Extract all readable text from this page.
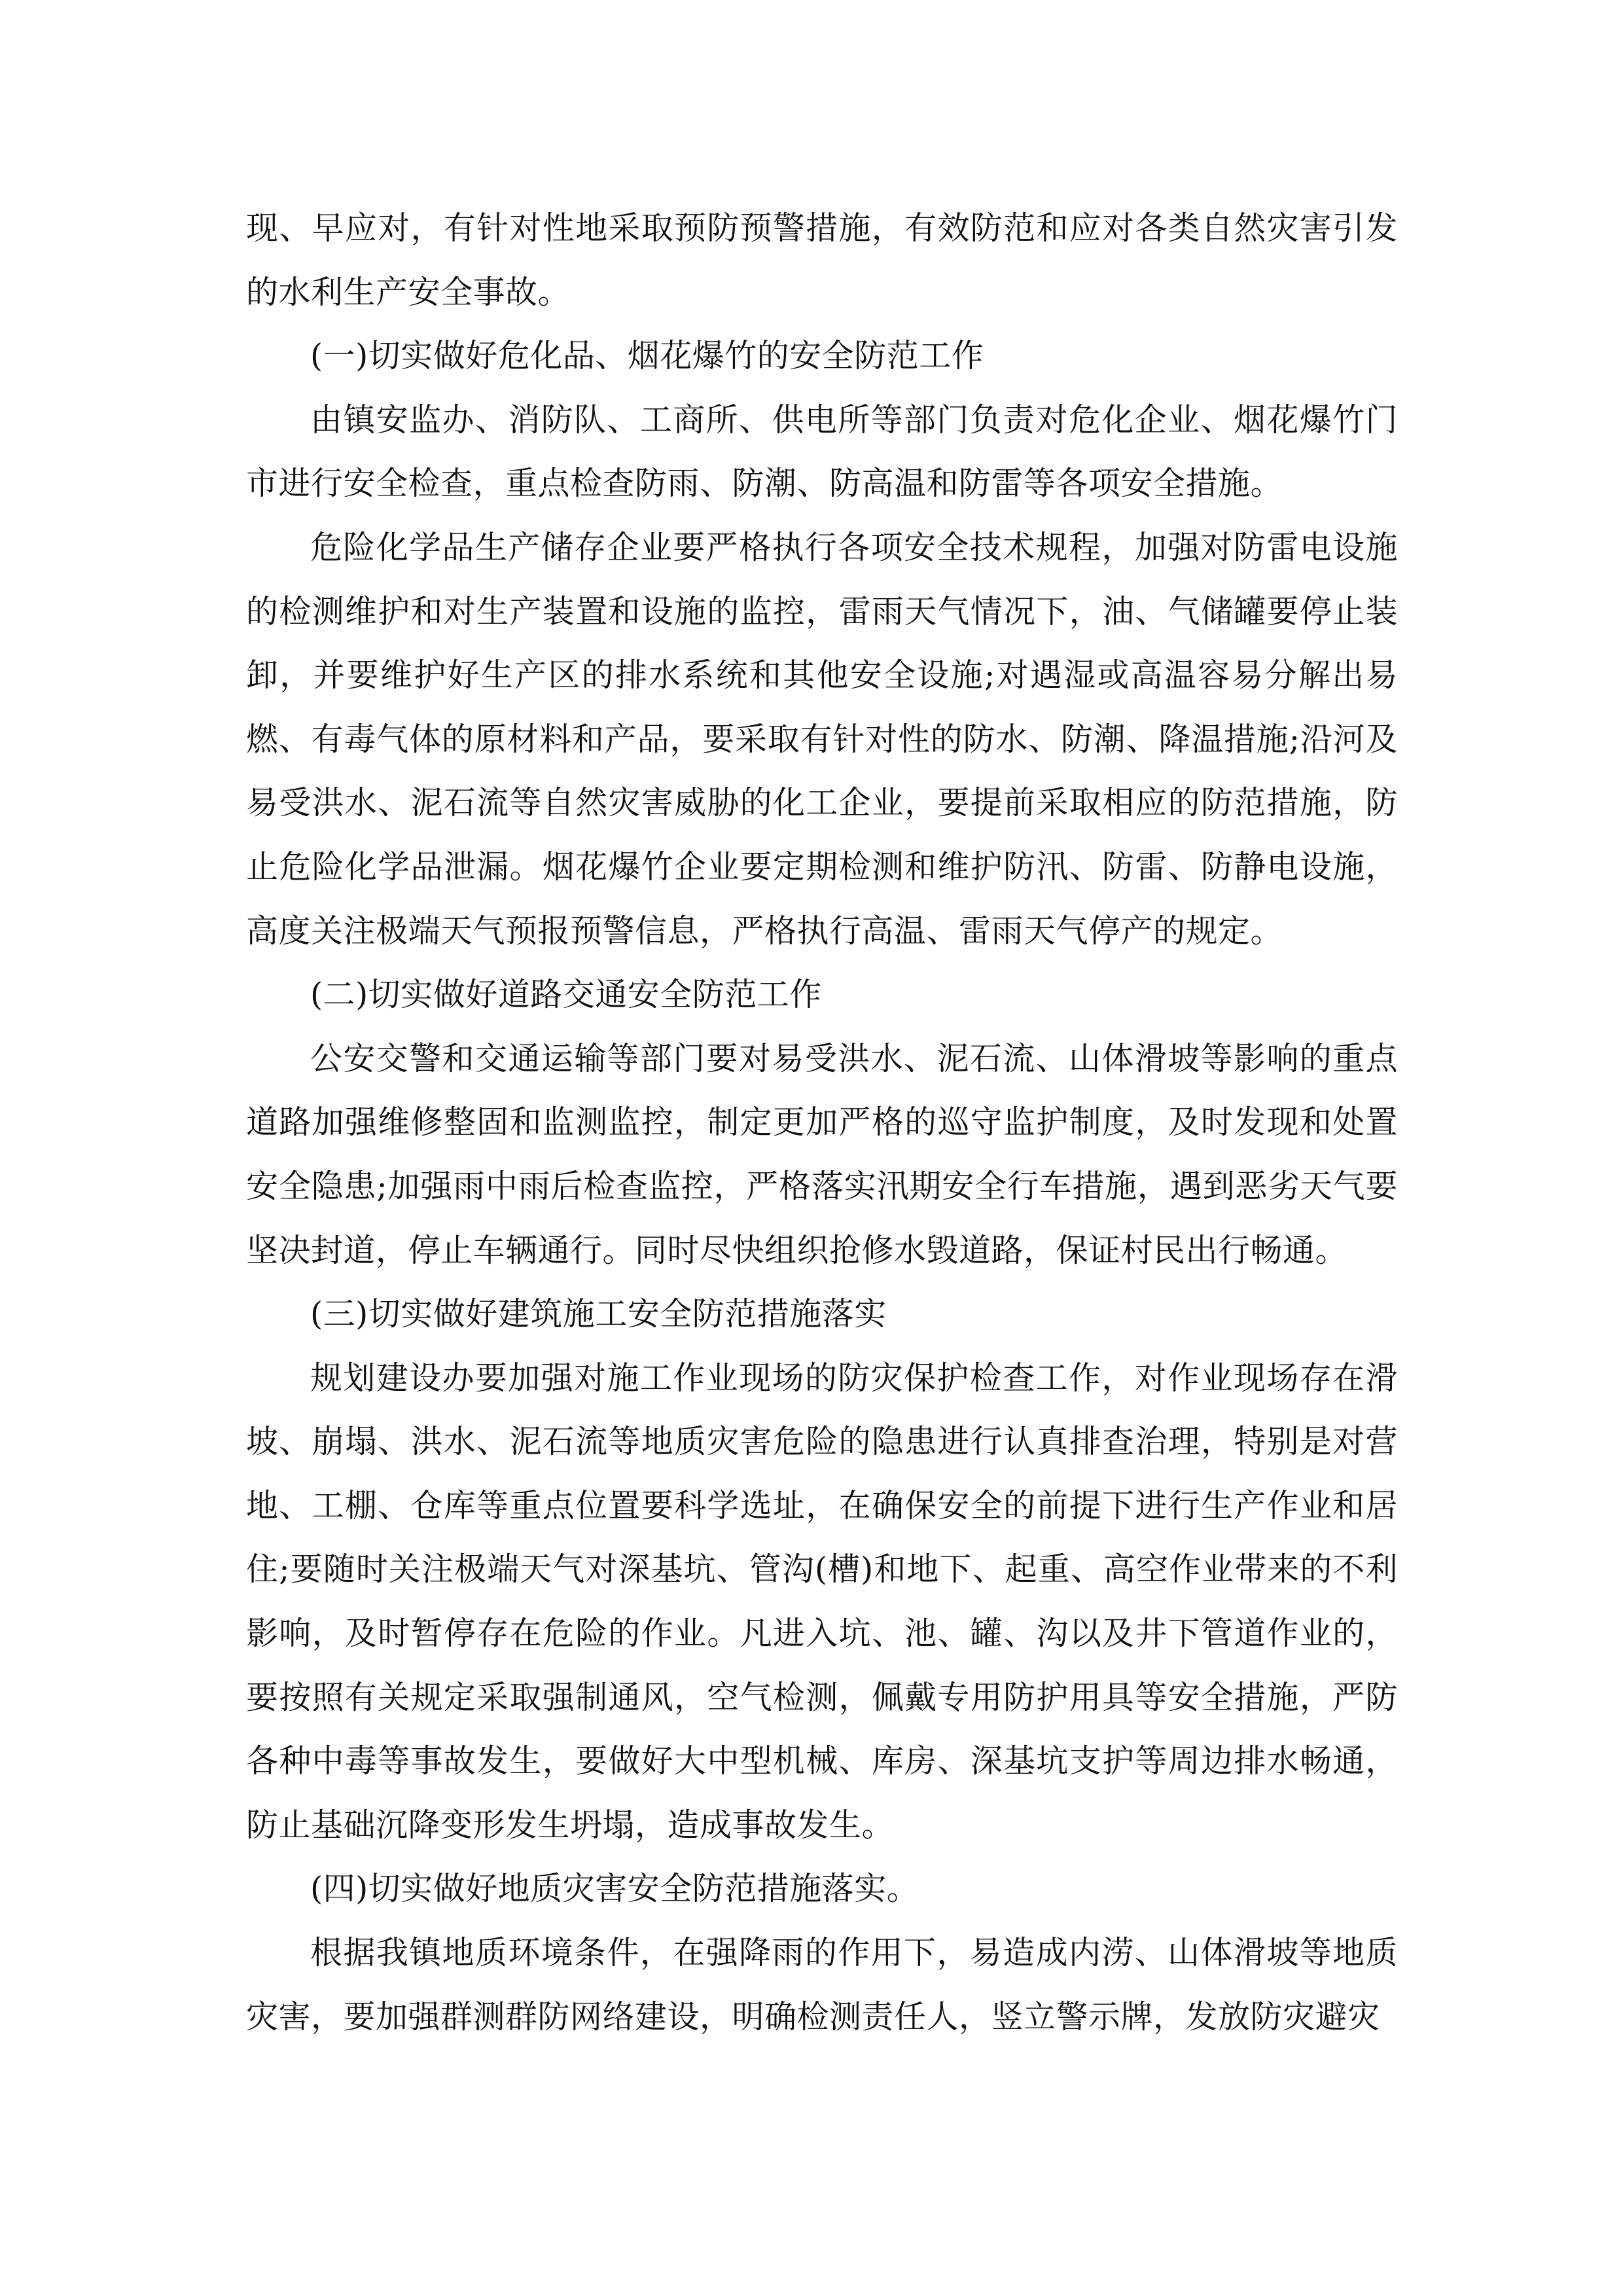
现、早应对，有针对性地采取预防预警措施，有效防范和应对各类自然灾害引发的水利生产安全事故。

(一)切实做好危化品、烟花爆竹的安全防范工作

由镇安监办、消防队、工商所、供电所等部门负责对危化企业、烟花爆竹门市进行安全检查，重点检查防雨、防潮、防高温和防雷等各项安全措施。

危险化学品生产储存企业要严格执行各项安全技术规程，加强对防雷电设施的检测维护和对生产装置和设施的监控，雷雨天气情况下，油、气储罐要停止装卸，并要维护好生产区的排水系统和其他安全设施;对遇湿或高温容易分解出易燃、有毒气体的原材料和产品，要采取有针对性的防水、防潮、降温措施;沿河及易受洪水、泥石流等自然灾害威胁的化工企业，要提前采取相应的防范措施，防止危险化学品泄漏。烟花爆竹企业要定期检测和维护防汛、防雷、防静电设施，高度关注极端天气预报预警信息，严格执行高温、雷雨天气停产的规定。

(二)切实做好道路交通安全防范工作

公安交警和交通运输等部门要对易受洪水、泥石流、山体滑坡等影响的重点道路加强维修整固和监测监控，制定更加严格的巡守监护制度，及时发现和处置安全隐患;加强雨中雨后检查监控，严格落实汛期安全行车措施，遇到恶劣天气要坚决封道，停止车辆通行。同时尽快组织抢修水毁道路，保证村民出行畅通。

(三)切实做好建筑施工安全防范措施落实

规划建设办要加强对施工作业现场的防灾保护检查工作，对作业现场存在滑坡、崩塌、洪水、泥石流等地质灾害危险的隐患进行认真排查治理，特别是对营地、工棚、仓库等重点位置要科学选址，在确保安全的前提下进行生产作业和居住;要随时关注极端天气对深基坑、管沟(槽)和地下、起重、高空作业带来的不利影响，及时暂停存在危险的作业。凡进入坑、池、罐、沟以及井下管道作业的，要按照有关规定采取强制通风，空气检测，佩戴专用防护用具等安全措施，严防各种中毒等事故发生，要做好大中型机械、库房、深基坑支护等周边排水畅通，防止基础沉降变形发生坍塌，造成事故发生。

(四)切实做好地质灾害安全防范措施落实。

根据我镇地质环境条件，在强降雨的作用下，易造成内涝、山体滑坡等地质灾害，要加强群测群防网络建设，明确检测责任人，竖立警示牌，发放防灾避灾
